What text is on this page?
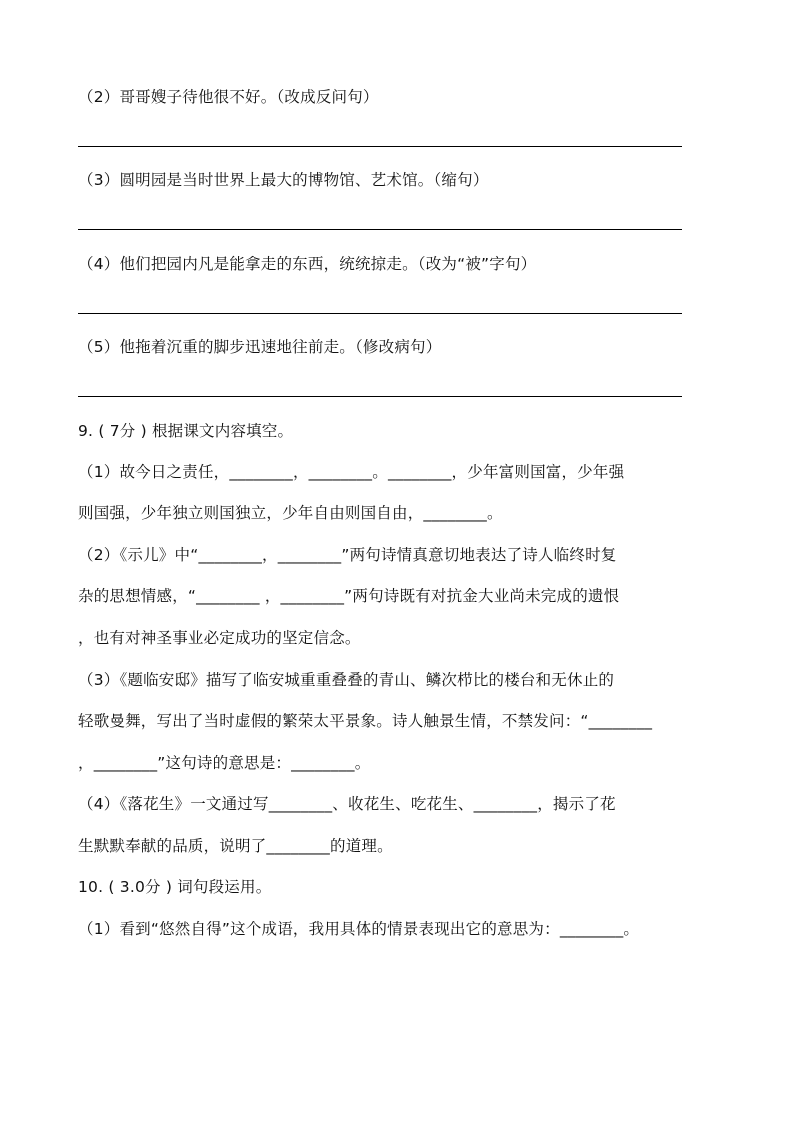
（2）哥哥嫂子待他很不好。（改成反问句）
（3）圆明园是当时世界上最大的博物馆、艺术馆。（缩句）
（4）他们把园内凡是能拿走的东西，统统掠走。（改为“被”字句）
（5）他拖着沉重的脚步迅速地往前走。（修改病句）
9. ( 7分 ) 根据课文内容填空。
（1）故今日之责任，________，________。________，少年富则国富，少年强
则国强，少年独立则国独立，少年自由则国自由，________。
（2）《示儿》中“________，________”两句诗情真意切地表达了诗人临终时复
杂的思想情感，“________ ，________”两句诗既有对抗金大业尚未完成的遗恨
，也有对神圣事业必定成功的坚定信念。
（3）《题临安邸》描写了临安城重重叠叠的青山、鳞次栉比的楼台和无休止的
轻歌曼舞，写出了当时虚假的繁荣太平景象。诗人触景生情，不禁发问：“________
，________”这句诗的意思是：________。
（4）《落花生》一文通过写________、收花生、吃花生、________，揭示了花
生默默奉献的品质，说明了________的道理。
10. ( 3.0分 ) 词句段运用。
（1）看到“悠然自得”这个成语，我用具体的情景表现出它的意思为：________。
